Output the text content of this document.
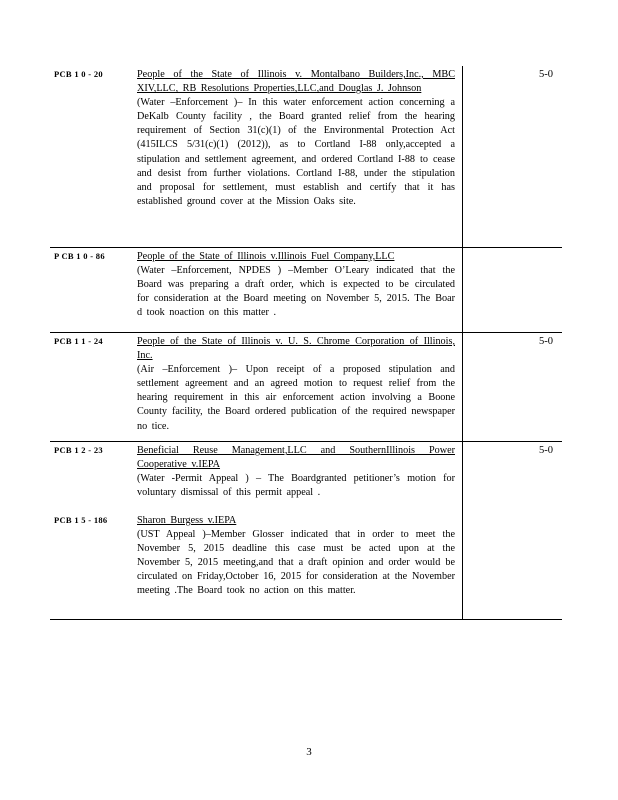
PCB 1 0 - 20	People of the State of Illinois v. Montalbano Builders,Inc., MBC XIV,LLC, RB Resolutions Properties,LLC,and Douglas J. Johnson
(Water –Enforcement )– In this water enforcement action concerning a DeKalb County facility , the Board granted relief from the hearing requirement of Section 31(c)(1) of the Environmental Protection Act (415ILCS 5/31(c)(1) (2012)), as to Cortland I-88 only,accepted a stipulation and settlement agreement, and ordered Cortland I-88 to cease and desist from further violations. Cortland I-88, under the stipulation and proposal for settlement, must establish and certify that it has established ground cover at the Mission Oaks site.
5-0
P CB 1 0 - 86	People of the State of Illinois v.Illinois Fuel Company,LLC
(Water –Enforcement, NPDES ) –Member O’Leary indicated that the Board was preparing a draft order, which is expected to be circulated for consideration at the Board meeting on November 5, 2015. The Boar d took noaction on this matter .
PCB 1 1 - 24	People of the State of Illinois v. U. S. Chrome Corporation of Illinois, Inc.
(Air –Enforcement )– Upon receipt of a proposed stipulation and settlement agreement and an agreed motion to request relief from the hearing requirement in this air enforcement action involving a Boone County facility, the Board ordered publication of the required newspaper no tice.
5-0
PCB 1 2 - 23	Beneficial Reuse Management,LLC and SouthernIllinois Power Cooperative v.IEPA
(Water -Permit Appeal ) – The Boardgranted petitioner’s motion for voluntary dismissal of this permit appeal .
5-0
PCB 1 5 - 186	Sharon Burgess v.IEPA
(UST Appeal )–Member Glosser indicated that in order to meet the November 5, 2015 deadline this case must be acted upon at the November 5, 2015 meeting,and that a draft opinion and order would be circulated on Friday,October 16, 2015 for consideration at the November meeting .The Board took no action on this matter.
3
